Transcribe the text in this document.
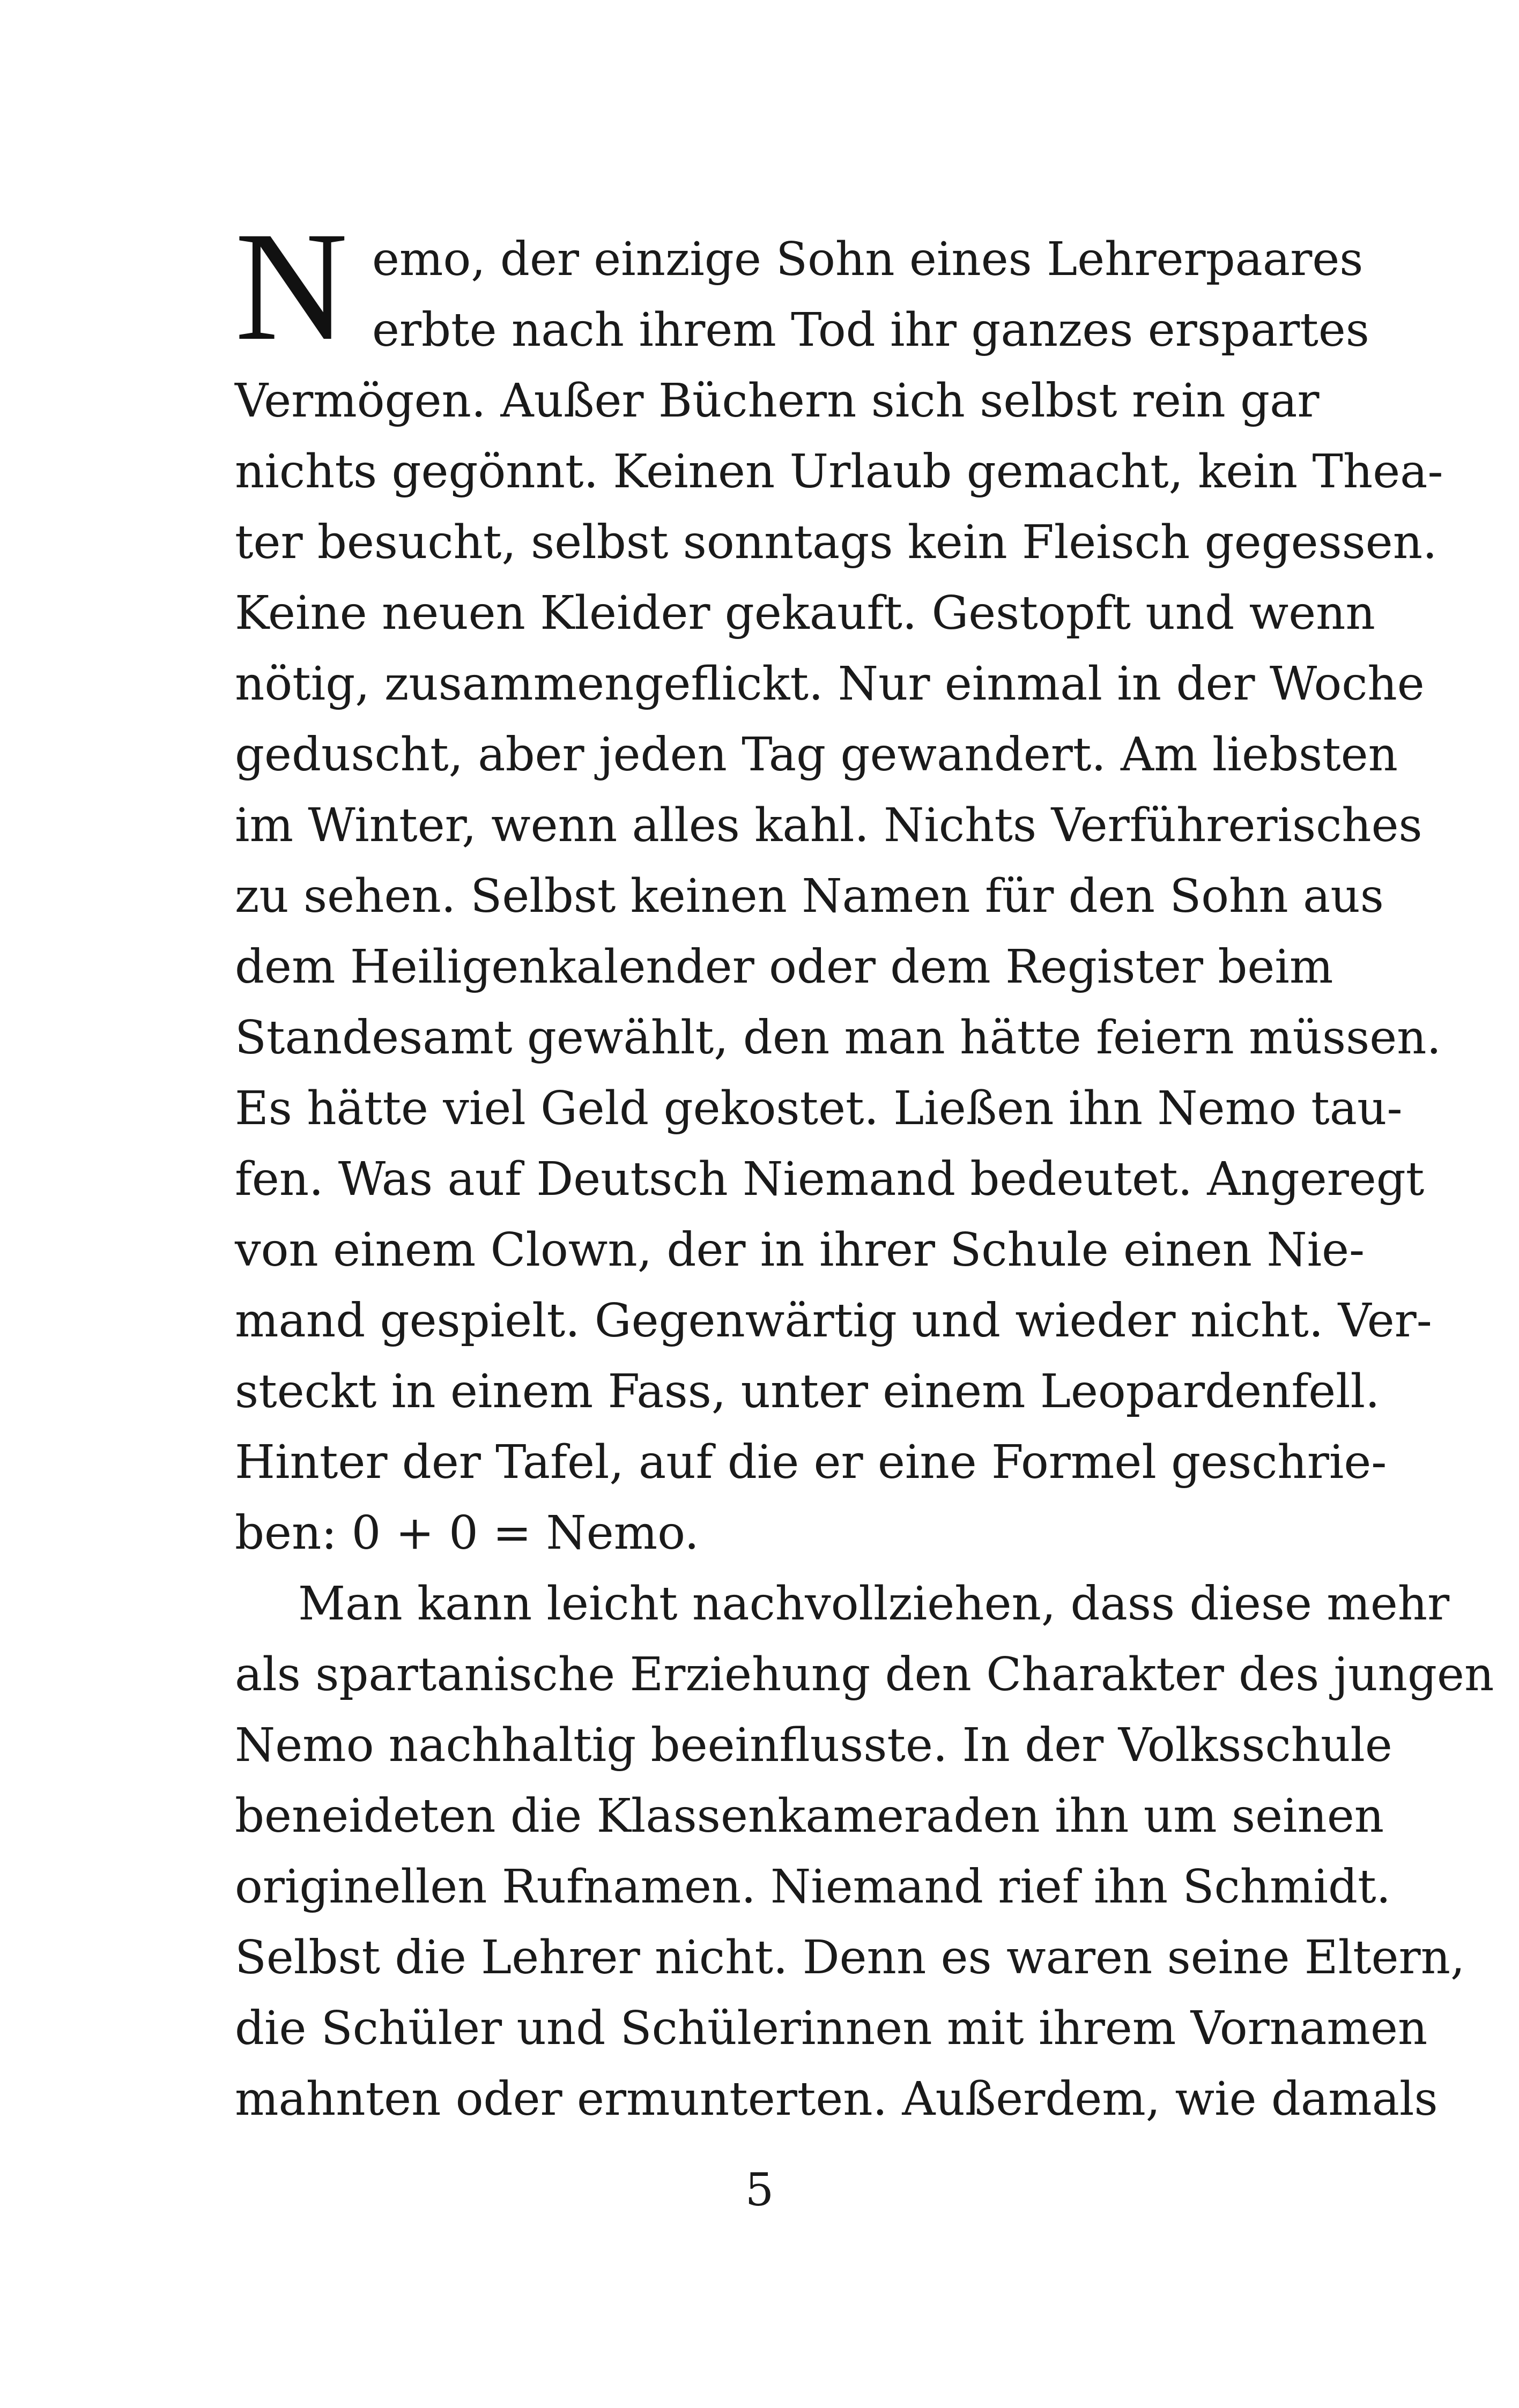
N emo, der einzige Sohn eines Lehrerpaares
erbte nach ihrem Tod ihr ganzes erspartes
Vermögen. Außer Büchern sich selbst rein gar
nichts gegönnt. Keinen Urlaub gemacht, kein Thea-
ter besucht, selbst sonntags kein Fleisch gegessen.
Keine neuen Kleider gekauft. Gestopft und wenn
nötig, zusammengeflickt. Nur einmal in der Woche
geduscht, aber jeden Tag gewandert. Am liebsten
im Winter, wenn alles kahl. Nichts Verführerisches
zu sehen. Selbst keinen Namen für den Sohn aus
dem Heiligenkalender oder dem Register beim
Standesamt gewählt, den man hätte feiern müssen.
Es hätte viel Geld gekostet. Ließen ihn Nemo tau-
fen. Was auf Deutsch Niemand bedeutet. Angeregt
von einem Clown, der in ihrer Schule einen Nie-
mand gespielt. Gegenwärtig und wieder nicht. Ver-
steckt in einem Fass, unter einem Leopardenfell.
Hinter der Tafel, auf die er eine Formel geschrie-
ben: 0 + 0 = Nemo.
Man kann leicht nachvollziehen, dass diese mehr
als spartanische Erziehung den Charakter des jungen
Nemo nachhaltig beeinflusste. In der Volksschule
beneideten die Klassenkameraden ihn um seinen
originellen Rufnamen. Niemand rief ihn Schmidt.
Selbst die Lehrer nicht. Denn es waren seine Eltern,
die Schüler und Schülerinnen mit ihrem Vornamen
mahnten oder ermunterten. Außerdem, wie damals
5
